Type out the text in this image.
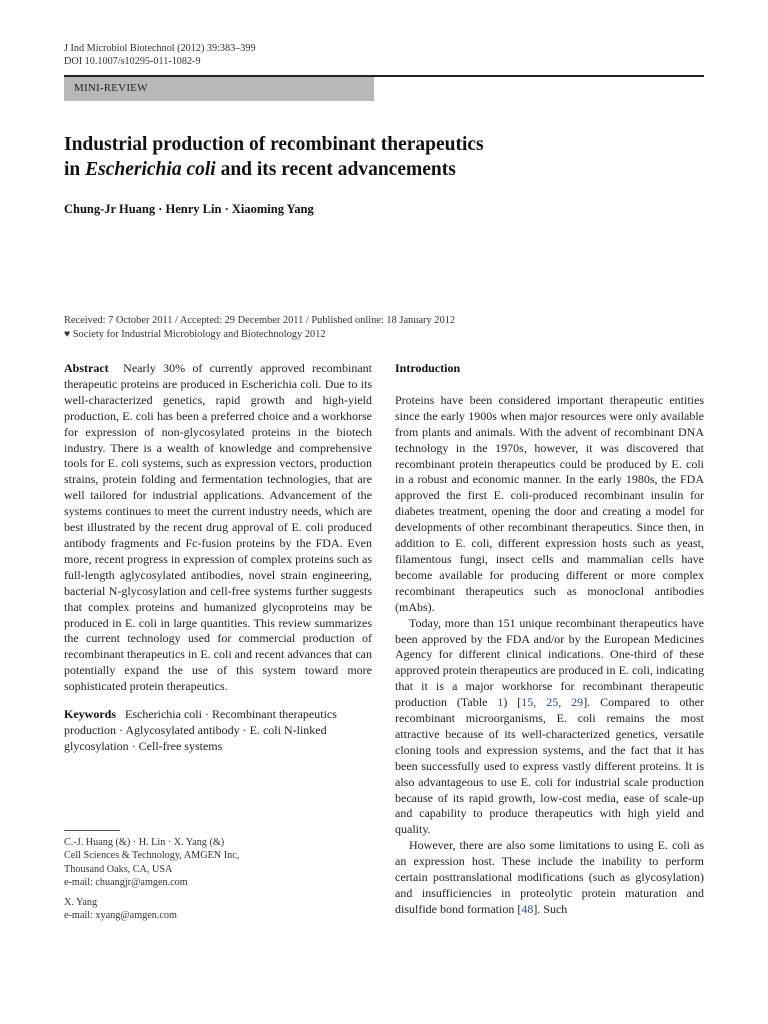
J Ind Microbiol Biotechnol (2012) 39:383–399
DOI 10.1007/s10295-011-1082-9
MINI-REVIEW
Industrial production of recombinant therapeutics
in Escherichia coli and its recent advancements
Chung-Jr Huang · Henry Lin · Xiaoming Yang
Received: 7 October 2011 / Accepted: 29 December 2011 / Published online: 18 January 2012
♥ Society for Industrial Microbiology and Biotechnology 2012

Abstract Nearly 30% of currently approved recombinant therapeutic proteins are produced in Escherichia coli. Due to its well-characterized genetics, rapid growth and high-yield production, E. coli has been a preferred choice and a workhorse for expression of non-glycosylated proteins in the biotech industry. There is a wealth of knowledge and comprehensive tools for E. coli systems, such as expression vectors, production strains, protein folding and fermentation technologies, that are well tailored for industrial applications. Advancement of the systems continues to meet the current industry needs, which are best illustrated by the recent drug approval of E. coli produced antibody fragments and Fc-fusion proteins by the FDA. Even more, recent progress in expression of complex proteins such as full-length aglycosylated antibodies, novel strain engineering, bacterial N-glycosylation and cell-free systems further suggests that complex proteins and humanized glycoproteins may be produced in E. coli in large quantities. This review summarizes the current technology used for commercial production of recombinant therapeutics in E. coli and recent advances that can potentially expand the use of this system toward more sophisticated protein therapeutics.

Keywords Escherichia coli · Recombinant therapeutics production · Aglycosylated antibody · E. coli N-linked glycosylation · Cell-free systems

C.-J. Huang (&) · H. Lin · X. Yang (&)
Cell Sciences & Technology, AMGEN Inc,
Thousand Oaks, CA, USA
e-mail: chuangjr@amgen.com
X. Yang
e-mail: xyang@amgen.com
Introduction

Proteins have been considered important therapeutic entities since the early 1900s when major resources were only available from plants and animals. With the advent of recombinant DNA technology in the 1970s, however, it was discovered that recombinant protein therapeutics could be produced by E. coli in a robust and economic manner. In the early 1980s, the FDA approved the first E. coli-produced recombinant insulin for diabetes treatment, opening the door and creating a model for developments of other recombinant therapeutics. Since then, in addition to E. coli, different expression hosts such as yeast, filamentous fungi, insect cells and mammalian cells have become available for producing different or more complex recombinant therapeutics such as monoclonal antibodies (mAbs).

Today, more than 151 unique recombinant therapeutics have been approved by the FDA and/or by the European Medicines Agency for different clinical indications. One-third of these approved protein therapeutics are produced in E. coli, indicating that it is a major workhorse for recombinant therapeutic production (Table 1) [15, 25, 29]. Compared to other recombinant microorganisms, E. coli remains the most attractive because of its well-characterized genetics, versatile cloning tools and expression systems, and the fact that it has been successfully used to express vastly different proteins. It is also advantageous to use E. coli for industrial scale production because of its rapid growth, low-cost media, ease of scale-up and capability to produce therapeutics with high yield and quality.

However, there are also some limitations to using E. coli as an expression host. These include the inability to perform certain posttranslational modifications (such as glycosylation) and insufficiencies in proteolytic protein maturation and disulfide bond formation [48]. Such
